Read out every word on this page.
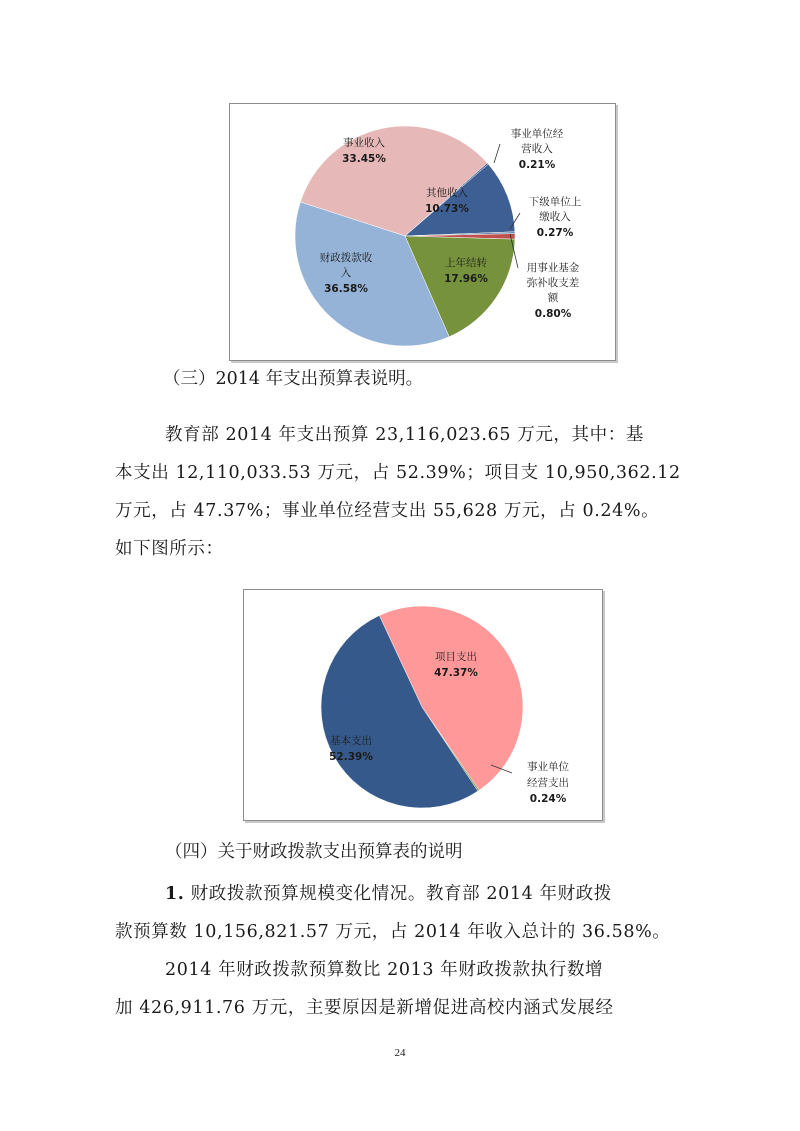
事业收入
33.45%
事业单位经
营收入
0.21%
其他收入
10.73%
下级单位上
缴收入
0.27%
用事业基金
弥补收支差
额
0.80%
上年结转
17.96%
财政拨款收
入
36.58%
（三）2014 年支出预算表说明。
教育部 2014 年支出预算 23,116,023.65 万元，其中：基
本支出 12,110,033.53 万元，占 52.39%；项目支 10,950,362.12
万元，占 47.37%；事业单位经营支出 55,628 万元，占 0.24%。
如下图所示：
项目支出
47.37%
事业单位
经营支出
0.24%
基本支出
52.39%
（四）关于财政拨款支出预算表的说明
1. 财政拨款预算规模变化情况。教育部 2014 年财政拨
款预算数 10,156,821.57 万元，占 2014 年收入总计的 36.58%。
2014 年财政拨款预算数比 2013 年财政拨款执行数增
加 426,911.76 万元，主要原因是新增促进高校内涵式发展经
24
